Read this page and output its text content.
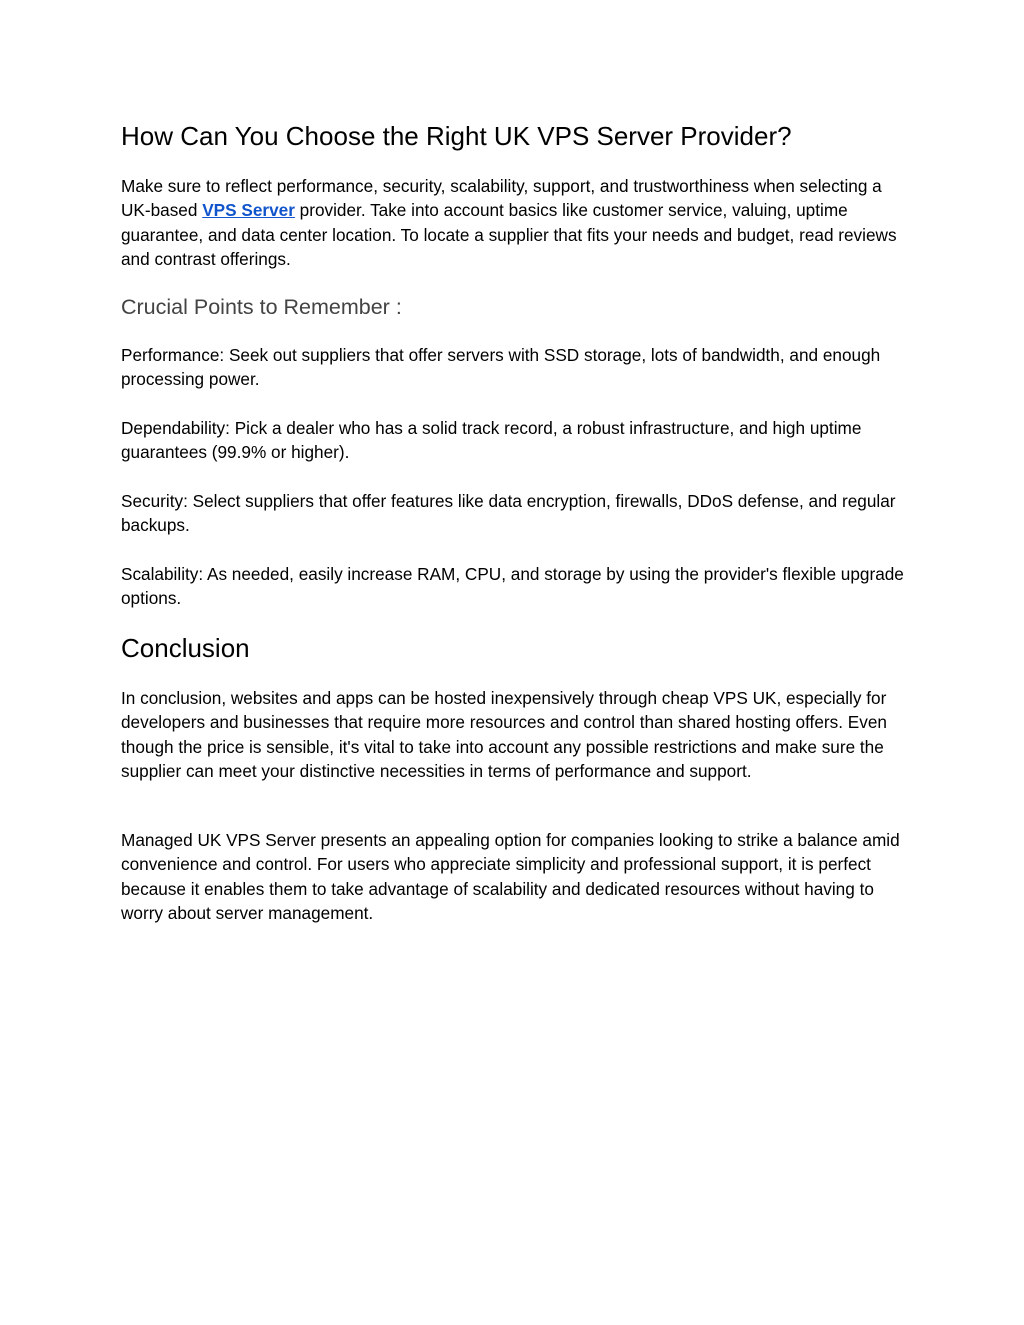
How Can You Choose the Right UK VPS Server Provider?

Make sure to reflect performance, security, scalability, support, and trustworthiness when selecting a UK-based VPS Server provider. Take into account basics like customer service, valuing, uptime guarantee, and data center location. To locate a supplier that fits your needs and budget, read reviews and contrast offerings.

Crucial Points to Remember :

Performance: Seek out suppliers that offer servers with SSD storage, lots of bandwidth, and enough processing power.

Dependability: Pick a dealer who has a solid track record, a robust infrastructure, and high uptime guarantees (99.9% or higher).

Security: Select suppliers that offer features like data encryption, firewalls, DDoS defense, and regular backups.

Scalability: As needed, easily increase RAM, CPU, and storage by using the provider's flexible upgrade options.

Conclusion

In conclusion, websites and apps can be hosted inexpensively through cheap VPS UK, especially for developers and businesses that require more resources and control than shared hosting offers. Even though the price is sensible, it's vital to take into account any possible restrictions and make sure the supplier can meet your distinctive necessities in terms of performance and support.

Managed UK VPS Server presents an appealing option for companies looking to strike a balance amid convenience and control. For users who appreciate simplicity and professional support, it is perfect because it enables them to take advantage of scalability and dedicated resources without having to worry about server management.
